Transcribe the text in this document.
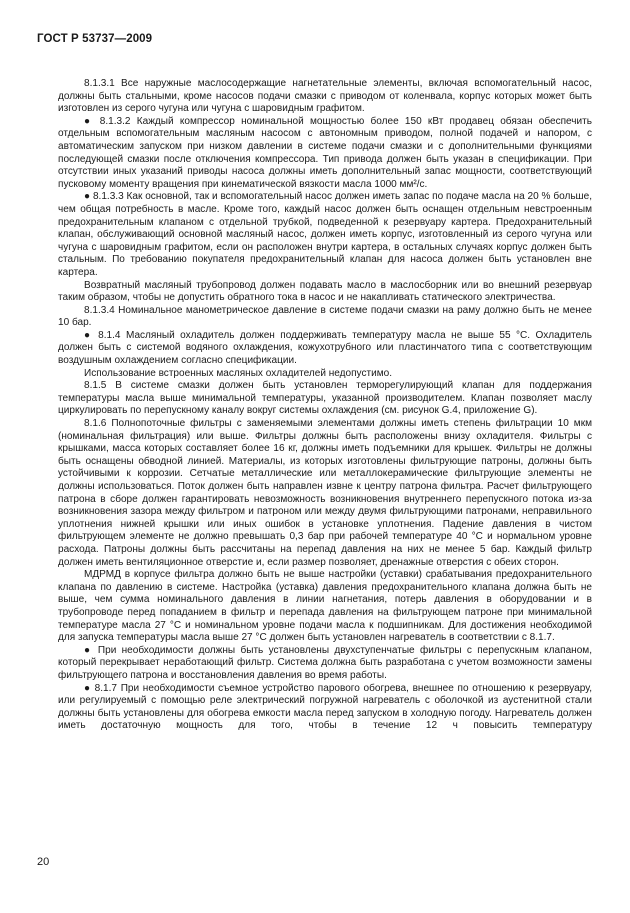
ГОСТ Р 53737—2009

8.1.3.1 Все наружные маслосодержащие нагнетательные элементы, включая вспомогательный насос, должны быть стальными, кроме насосов подачи смазки с приводом от коленвала, корпус которых может быть изготовлен из серого чугуна или чугуна с шаровидным графитом.

● 8.1.3.2 Каждый компрессор номинальной мощностью более 150 кВт продавец обязан обеспечить отдельным вспомогательным масляным насосом с автономным приводом, полной подачей и напором, с автоматическим запуском при низком давлении в системе подачи смазки и с дополнительными функциями последующей смазки после отключения компрессора. Тип привода должен быть указан в спецификации. При отсутствии иных указаний приводы насоса должны иметь дополнительный запас мощности, соответствующий пусковому моменту вращения при кинематической вязкости масла 1000 мм²/с.

● 8.1.3.3 Как основной, так и вспомогательный насос должен иметь запас по подаче масла на 20 % больше, чем общая потребность в масле. Кроме того, каждый насос должен быть оснащен отдельным невстроенным предохранительным клапаном с отдельной трубкой, подведенной к резервуару картера. Предохранительный клапан, обслуживающий основной масляный насос, должен иметь корпус, изготовленный из серого чугуна или чугуна с шаровидным графитом, если он расположен внутри картера, в остальных случаях корпус должен быть стальным. По требованию покупателя предохранительный клапан для насоса должен быть установлен вне картера.

Возвратный масляный трубопровод должен подавать масло в маслосборник или во внешний резервуар таким образом, чтобы не допустить обратного тока в насос и не накапливать статического электричества.

8.1.3.4 Номинальное манометрическое давление в системе подачи смазки на раму должно быть не менее 10 бар.

● 8.1.4 Масляный охладитель должен поддерживать температуру масла не выше 55 °С. Охладитель должен быть с системой водяного охлаждения, кожухотрубного или пластинчатого типа с соответствующим воздушным охлаждением согласно спецификации.

Использование встроенных масляных охладителей недопустимо.

8.1.5 В системе смазки должен быть установлен терморегулирующий клапан для поддержания температуры масла выше минимальной температуры, указанной производителем. Клапан позволяет маслу циркулировать по перепускному каналу вокруг системы охлаждения (см. рисунок G.4, приложение G).

8.1.6 Полнопоточные фильтры с заменяемыми элементами должны иметь степень фильтрации 10 мкм (номинальная фильтрация) или выше. Фильтры должны быть расположены внизу охладителя. Фильтры с крышками, масса которых составляет более 16 кг, должны иметь подъемники для крышек. Фильтры не должны быть оснащены обводной линией. Материалы, из которых изготовлены фильтрующие патроны, должны быть устойчивыми к коррозии. Сетчатые металлические или металлокерамические фильтрующие элементы не должны использоваться. Поток должен быть направлен извне к центру патрона фильтра. Расчет фильтрующего патрона в сборе должен гарантировать невозможность возникновения внутреннего перепускного потока из-за возникновения зазора между фильтром и патроном или между двумя фильтрующими патронами, неправильного уплотнения нижней крышки или иных ошибок в установке уплотнения. Падение давления в чистом фильтрующем элементе не должно превышать 0,3 бар при рабочей температуре 40 °С и нормальном уровне расхода. Патроны должны быть рассчитаны на перепад давления на них не менее 5 бар. Каждый фильтр должен иметь вентиляционное отверстие и, если размер позволяет, дренажные отверстия с обеих сторон.

МДРМД в корпусе фильтра должно быть не выше настройки (уставки) срабатывания предохранительного клапана по давлению в системе. Настройка (уставка) давления предохранительного клапана должна быть не выше, чем сумма номинального давления в линии нагнетания, потерь давления в оборудовании и в трубопроводе перед попаданием в фильтр и перепада давления на фильтрующем патроне при минимальной температуре масла 27 °С и номинальном уровне подачи масла к подшипникам. Для достижения необходимой для запуска температуры масла выше 27 °С должен быть установлен нагреватель в соответствии с 8.1.7.

● При необходимости должны быть установлены двухступенчатые фильтры с перепускным клапаном, который перекрывает неработающий фильтр. Система должна быть разработана с учетом возможности замены фильтрующего патрона и восстановления давления во время работы.

● 8.1.7 При необходимости съемное устройство парового обогрева, внешнее по отношению к резервуару, или регулируемый с помощью реле электрический погружной нагреватель с оболочкой из аустенитной стали должны быть установлены для обогрева емкости масла перед запуском в холодную погоду. Нагреватель должен иметь достаточную мощность для того, чтобы в течение 12 ч повысить температуру

20
